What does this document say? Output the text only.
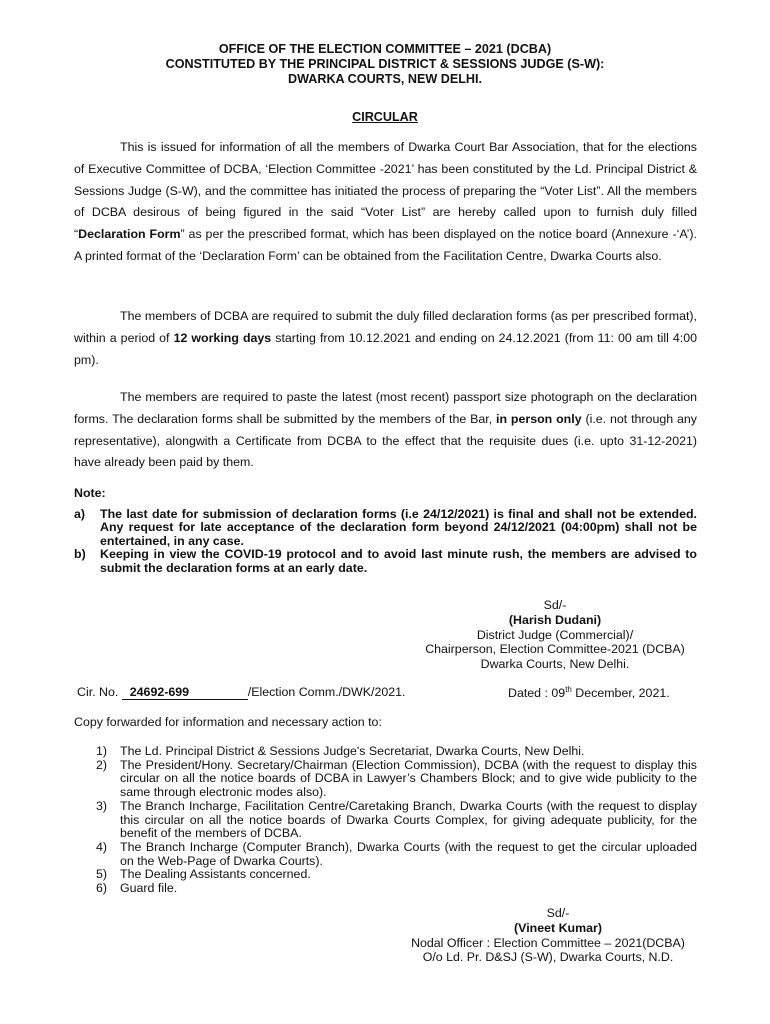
OFFICE OF THE ELECTION COMMITTEE – 2021 (DCBA)
CONSTITUTED BY THE PRINCIPAL DISTRICT & SESSIONS JUDGE (S-W):
DWARKA COURTS, NEW DELHI.
CIRCULAR

This is issued for information of all the members of Dwarka Court Bar Association, that for the elections of Executive Committee of DCBA, ‘Election Committee -2021’ has been constituted by the Ld. Principal District & Sessions Judge (S-W), and the committee has initiated the process of preparing the “Voter List”. All the members of DCBA desirous of being figured in the said “Voter List” are hereby called upon to furnish duly filled “Declaration Form” as per the prescribed format, which has been displayed on the notice board (Annexure -‘A’). A printed format of the ‘Declaration Form’ can be obtained from the Facilitation Centre, Dwarka Courts also.

The members of DCBA are required to submit the duly filled declaration forms (as per prescribed format), within a period of 12 working days starting from 10.12.2021 and ending on 24.12.2021 (from 11: 00 am till 4:00 pm).

The members are required to paste the latest (most recent) passport size photograph on the declaration forms. The declaration forms shall be submitted by the members of the Bar, in person only (i.e. not through any representative), alongwith a Certificate from DCBA to the effect that the requisite dues (i.e. upto 31-12-2021) have already been paid by them.

Note:
a)	The last date for submission of declaration forms (i.e 24/12/2021) is final and shall not be extended. Any request for late acceptance of the declaration form beyond 24/12/2021 (04:00pm) shall not be entertained, in any case.
b)	Keeping in view the COVID-19 protocol and to avoid last minute rush, the members are advised to submit the declaration forms at an early date.
Sd/-
(Harish Dudani)
District Judge (Commercial)/
Chairperson, Election Committee-2021 (DCBA)
Dwarka Courts, New Delhi.
Cir. No. 24692-699	/Election Comm./DWK/2021.	Dated : 09th December, 2021.
Copy forwarded for information and necessary action to:
1)	The Ld. Principal District & Sessions Judge's Secretariat, Dwarka Courts, New Delhi.
2)	The President/Hony. Secretary/Chairman (Election Commission), DCBA (with the request to display this circular on all the notice boards of DCBA in Lawyer’s Chambers Block; and to give wide publicity to the same through electronic modes also).
3)	The Branch Incharge, Facilitation Centre/Caretaking Branch, Dwarka Courts (with the request to display this circular on all the notice boards of Dwarka Courts Complex, for giving adequate publicity, for the benefit of the members of DCBA.
4)	The Branch Incharge (Computer Branch), Dwarka Courts (with the request to get the circular uploaded on the Web-Page of Dwarka Courts).
5)	The Dealing Assistants concerned.
6)	Guard file.
Sd/-
(Vineet Kumar)
Nodal Officer : Election Committee – 2021(DCBA)
O/o Ld. Pr. D&SJ (S-W), Dwarka Courts, N.D.
